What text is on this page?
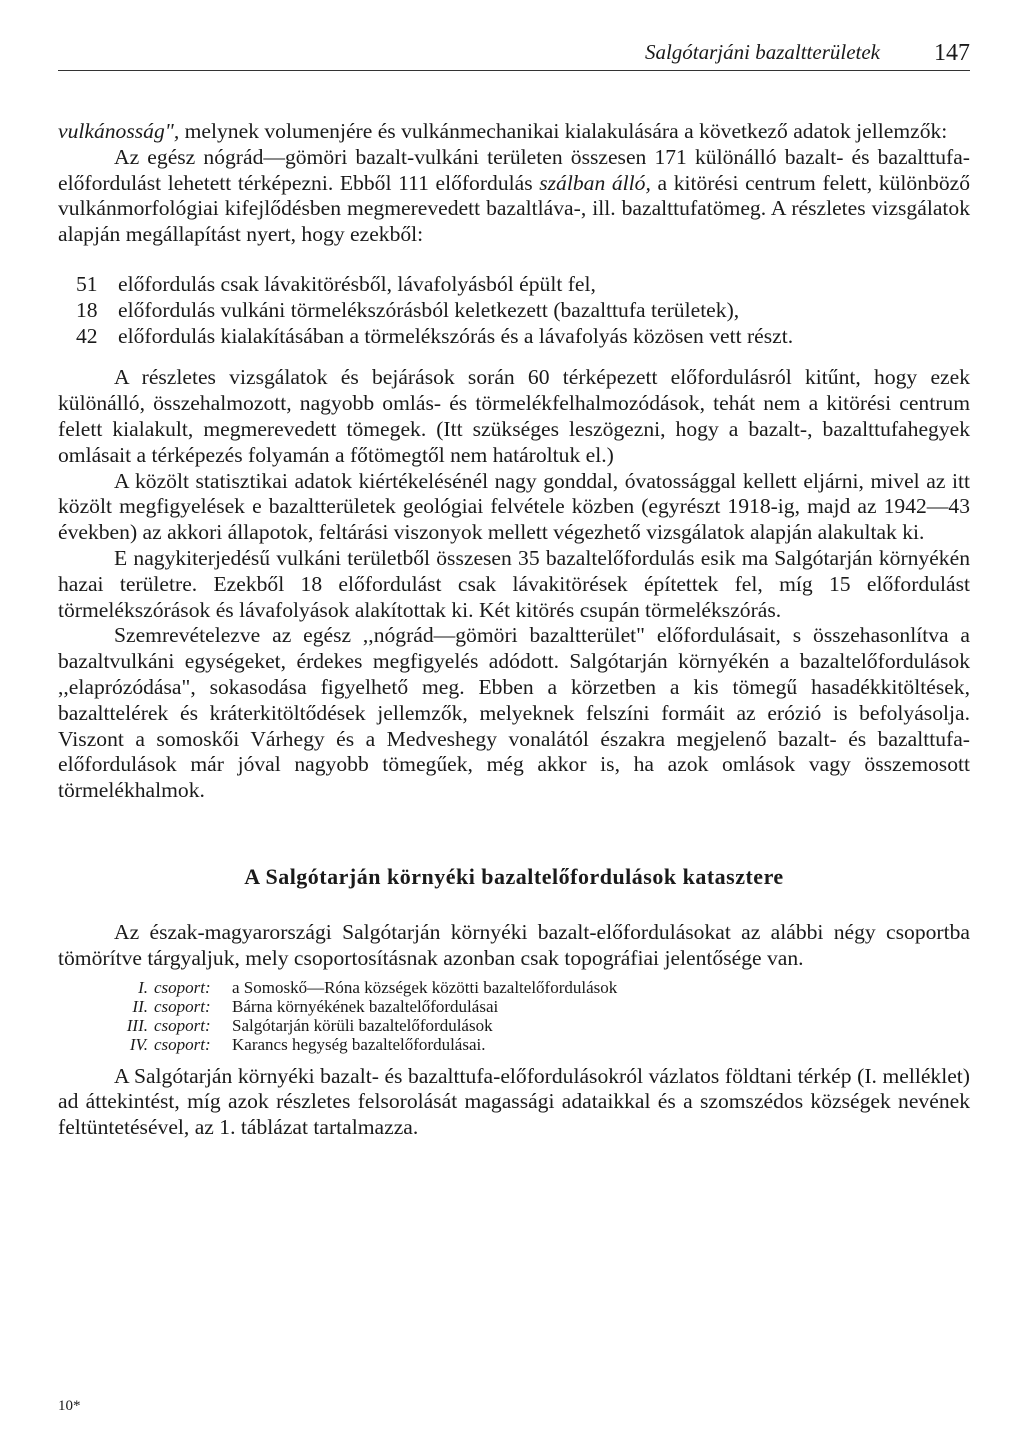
Salgótarjáni bazaltterületek 147

vulkánosság", melynek volumenjére és vulkánmechanikai kialakulására a következő adatok jellemzők:

Az egész nógrád—gömöri bazalt-vulkáni területen összesen 171 különálló bazalt- és bazalttufa-előfordulást lehetett térképezni. Ebből 111 előfordulás szálban álló, a kitörési centrum felett, különböző vulkánmorfológiai kifejlődésben megmerevedett bazaltláva-, ill. bazalttufatömeg. A részletes vizsgálatok alapján megállapítást nyert, hogy ezekből:

51 előfordulás csak lávakitörésből, lávafolyásból épült fel,
18 előfordulás vulkáni törmelékszórásból keletkezett (bazalttufa területek),
42 előfordulás kialakításában a törmelékszórás és a lávafolyás közösen vett részt.

A részletes vizsgálatok és bejárások során 60 térképezett előfordulásról kitűnt, hogy ezek különálló, összehalmozott, nagyobb omlás- és törmelékfelhalmozódások, tehát nem a kitörési centrum felett kialakult, megmerevedett tömegek. (Itt szükséges leszögezni, hogy a bazalt-, bazalttufahegyek omlásait a térképezés folyamán a főtömegtől nem határoltuk el.)

A közölt statisztikai adatok kiértékelésénél nagy gonddal, óvatossággal kellett eljárni, mivel az itt közölt megfigyelések e bazaltterületek geológiai felvétele közben (egyrészt 1918-ig, majd az 1942—43 években) az akkori állapotok, feltárási viszonyok mellett végezhető vizsgálatok alapján alakultak ki.

E nagykiterjedésű vulkáni területből összesen 35 bazaltelőfordulás esik ma Salgótarján környékén hazai területre. Ezekből 18 előfordulást csak lávakitörések építettek fel, míg 15 előfordulást törmelékszórások és lávafolyások alakítottak ki. Két kitörés csupán törmelékszórás.

Szemrevételezve az egész ,,nógrád—gömöri bazaltterület" előfordulásait, s összehasonlítva a bazaltvulkáni egységeket, érdekes megfigyelés adódott. Salgótarján környékén a bazaltelőfordulások ,,elaprózódása", sokasodása figyelhető meg. Ebben a körzetben a kis tömegű hasadékkitöltések, bazalttelérek és kráterkitöltődések jellemzők, melyeknek felszíni formáit az erózió is befolyásolja. Viszont a somoskői Várhegy és a Medveshegy vonalától északra megjelenő bazalt- és bazalttufa-előfordulások már jóval nagyobb tömegűek, még akkor is, ha azok omlások vagy összemosott törmelékhalmok.

A Salgótarján környéki bazaltelőfordulások katasztere

Az észak-magyarországi Salgótarján környéki bazalt-előfordulásokat az alábbi négy csoportba tömörítve tárgyaljuk, mely csoportosításnak azonban csak topográfiai jelentősége van.

I. csoport:	a Somoskő—Róna községek közötti bazaltelőfordulások
II. csoport:	Bárna környékének bazaltelőfordulásai
III. csoport:	Salgótarján körüli bazaltelőfordulások
IV. csoport:	Karancs hegység bazaltelőfordulásai.

A Salgótarján környéki bazalt- és bazalttufa-előfordulásokról vázlatos földtani térkép (I. melléklet) ad áttekintést, míg azok részletes felsorolását magassági adataikkal és a szomszédos községek nevének feltüntetésével, az 1. táblázat tartalmazza.

10*
